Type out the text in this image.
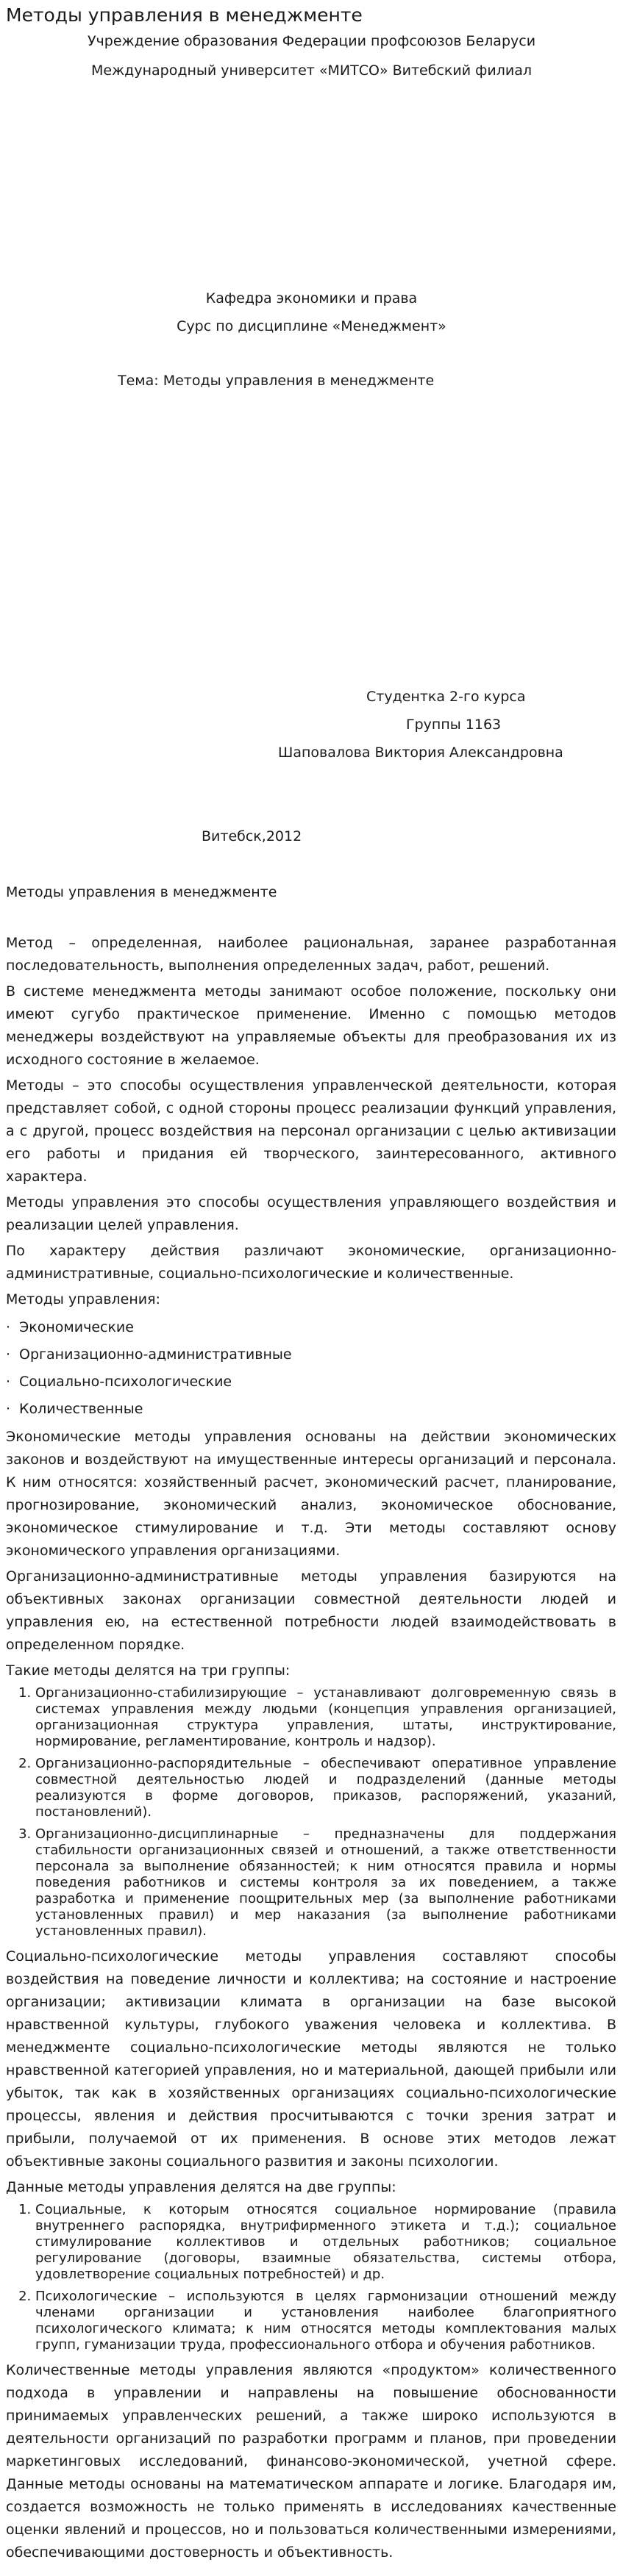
Методы управления в менеджменте
Учреждение образования Федерации профсоюзов Беларуси
Международный университет «МИТСО» Витебский филиал
Кафедра экономики и права
Сурс по дисциплине «Менеджмент»
Тема: Методы управления в менеджменте
Студентка 2-го курса
Группы 1163
Шаповалова Виктория Александровна
Витебск,2012
Методы управления в менеджменте

Метод – определенная, наиболее рациональная, заранее разработанная последовательность, выполнения определенных задач, работ, решений.

В системе менеджмента методы занимают особое положение, поскольку они имеют сугубо практическое применение. Именно с помощью методов менеджеры воздействуют на управляемые объекты для преобразования их из исходного состояние в желаемое.

Методы – это способы осуществления управленческой деятельности, которая представляет собой, с одной стороны процесс реализации функций управления, а с другой, процесс воздействия на персонал организации с целью активизации его работы и придания ей творческого, заинтересованного, активного характера.

Методы управления это способы осуществления управляющего воздействия и реализации целей управления.

По характеру действия различают экономические, организационно-административные, социально-психологические и количественные.

Методы управления:

· Экономические
· Организационно-административные
· Социально-психологические
· Количественные

Экономические методы управления основаны на действии экономических законов и воздействуют на имущественные интересы организаций и персонала. К ним относятся: хозяйственный расчет, экономический расчет, планирование, прогнозирование, экономический анализ, экономическое обоснование, экономическое стимулирование и т.д. Эти методы составляют основу экономического управления организациями.

Организационно-административные методы управления базируются на объективных законах организации совместной деятельности людей и управления ею, на естественной потребности людей взаимодействовать в определенном порядке.

Такие методы делятся на три группы:

1. Организационно-стабилизирующие – устанавливают долговременную связь в системах управления между людьми (концепция управления организацией, организационная структура управления, штаты, инструктирование, нормирование, регламентирование, контроль и надзор).
2. Организационно-распорядительные – обеспечивают оперативное управление совместной деятельностью людей и подразделений (данные методы реализуются в форме договоров, приказов, распоряжений, указаний, постановлений).
3. Организационно-дисциплинарные – предназначены для поддержания стабильности организационных связей и отношений, а также ответственности персонала за выполнение обязанностей; к ним относятся правила и нормы поведения работников и системы контроля за их поведением, а также разработка и применение поощрительных мер (за выполнение работниками установленных правил) и мер наказания (за выполнение работниками установленных правил).

Социально-психологические методы управления составляют способы воздействия на поведение личности и коллектива; на состояние и настроение организации; активизации климата в организации на базе высокой нравственной культуры, глубокого уважения человека и коллектива. В менеджменте социально-психологические методы являются не только нравственной категорией управления, но и материальной, дающей прибыли или убыток, так как в хозяйственных организациях социально-психологические процессы, явления и действия просчитываются с точки зрения затрат и прибыли, получаемой от их применения. В основе этих методов лежат объективные законы социального развития и законы психологии.

Данные методы управления делятся на две группы:

1. Социальные, к которым относятся социальное нормирование (правила внутреннего распорядка, внутрифирменного этикета и т.д.); социальное стимулирование коллективов и отдельных работников; социальное регулирование (договоры, взаимные обязательства, системы отбора, удовлетворение социальных потребностей) и др.
2. Психологические – используются в целях гармонизации отношений между членами организации и установления наиболее благоприятного психологического климата; к ним относятся методы комплектования малых групп, гуманизации труда, профессионального отбора и обучения работников.

Количественные методы управления являются «продуктом» количественного подхода в управлении и направлены на повышение обоснованности принимаемых управленческих решений, а также широко используются в деятельности организаций по разработки программ и планов, при проведении маркетинговых исследований, финансово-экономической, учетной сфере. Данные методы основаны на математическом аппарате и логике. Благодаря им, создается возможность не только применять в исследованиях качественные оценки явлений и процессов, но и пользоваться количественными измерениями, обеспечивающими достоверность и объективность.
